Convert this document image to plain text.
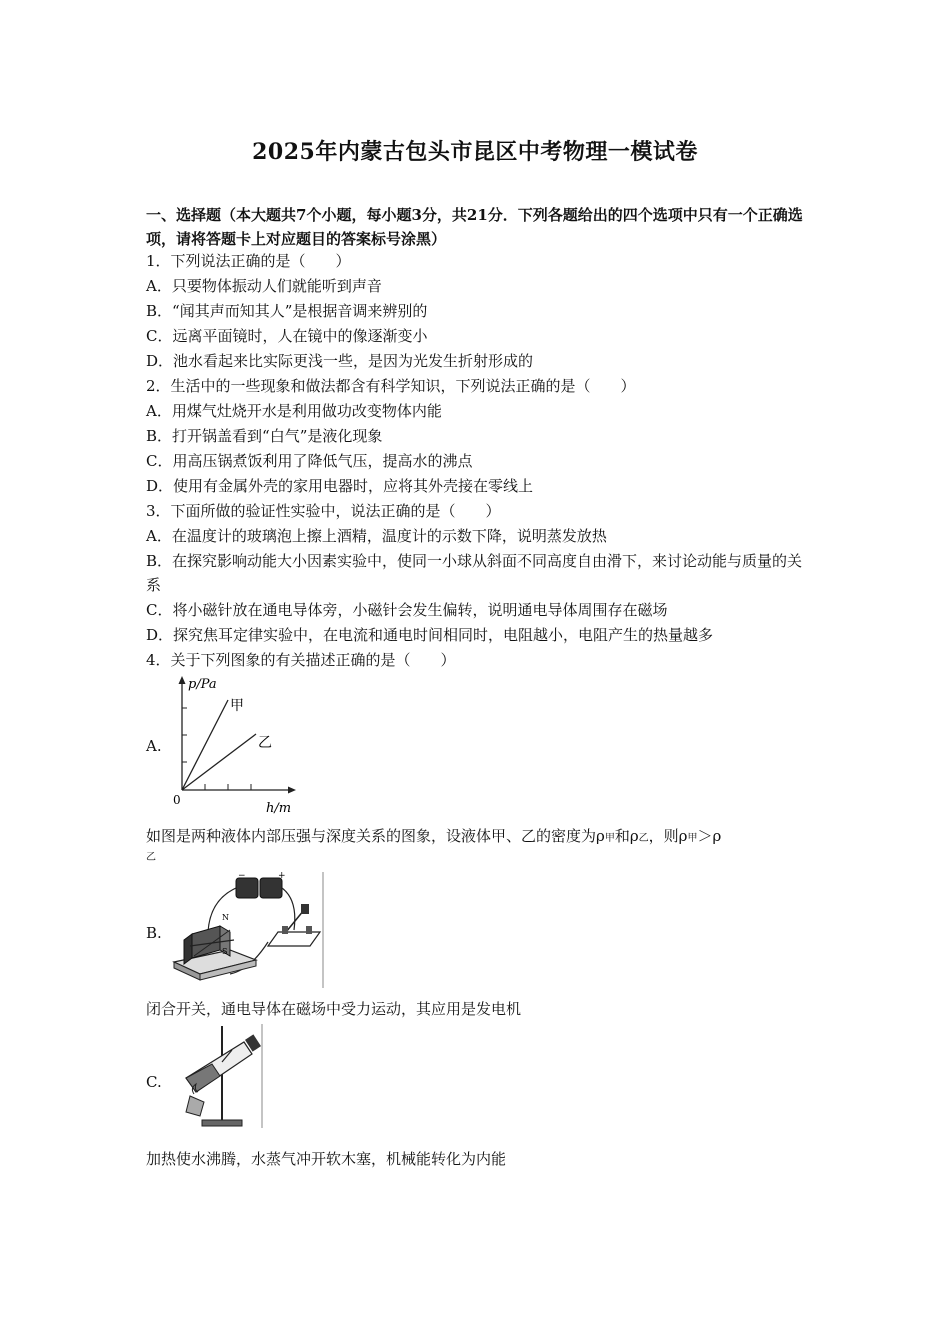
2025年内蒙古包头市昆区中考物理一模试卷
一、选择题（本大题共7个小题，每小题3分，共21分．下列各题给出的四个选项中只有一个正确选项，请将答题卡上对应题目的答案标号涂黑）
1．下列说法正确的是（　　）
A．只要物体振动人们就能听到声音
B．“闻其声而知其人”是根据音调来辨别的
C．远离平面镜时，人在镜中的像逐渐变小
D．池水看起来比实际更浅一些，是因为光发生折射形成的
2．生活中的一些现象和做法都含有科学知识，下列说法正确的是（　　）
A．用煤气灶烧开水是利用做功改变物体内能
B．打开锅盖看到“白气”是液化现象
C．用高压锅煮饭利用了降低气压，提高水的沸点
D．使用有金属外壳的家用电器时，应将其外壳接在零线上
3．下面所做的验证性实验中，说法正确的是（　　）
A．在温度计的玻璃泡上擦上酒精，温度计的示数下降，说明蒸发放热
B．在探究影响动能大小因素实验中，使同一小球从斜面不同高度自由滑下，来讨论动能与质量的关系
C．将小磁针放在通电导体旁，小磁针会发生偏转，说明通电导体周围存在磁场
D．探究焦耳定律实验中，在电流和通电时间相同时，电阻越小，电阻产生的热量越多
4．关于下列图象的有关描述正确的是（　　）
A.
p/Pa
h/m
0
甲
乙
如图是两种液体内部压强与深度关系的图象，设液体甲、乙的密度为ρ甲和ρ乙，则ρ甲＞ρ
乙
B.
−	+
N
S
闭合开关，通电导体在磁场中受力运动，其应用是发电机
C.
加热使水沸腾，水蒸气冲开软木塞，机械能转化为内能
